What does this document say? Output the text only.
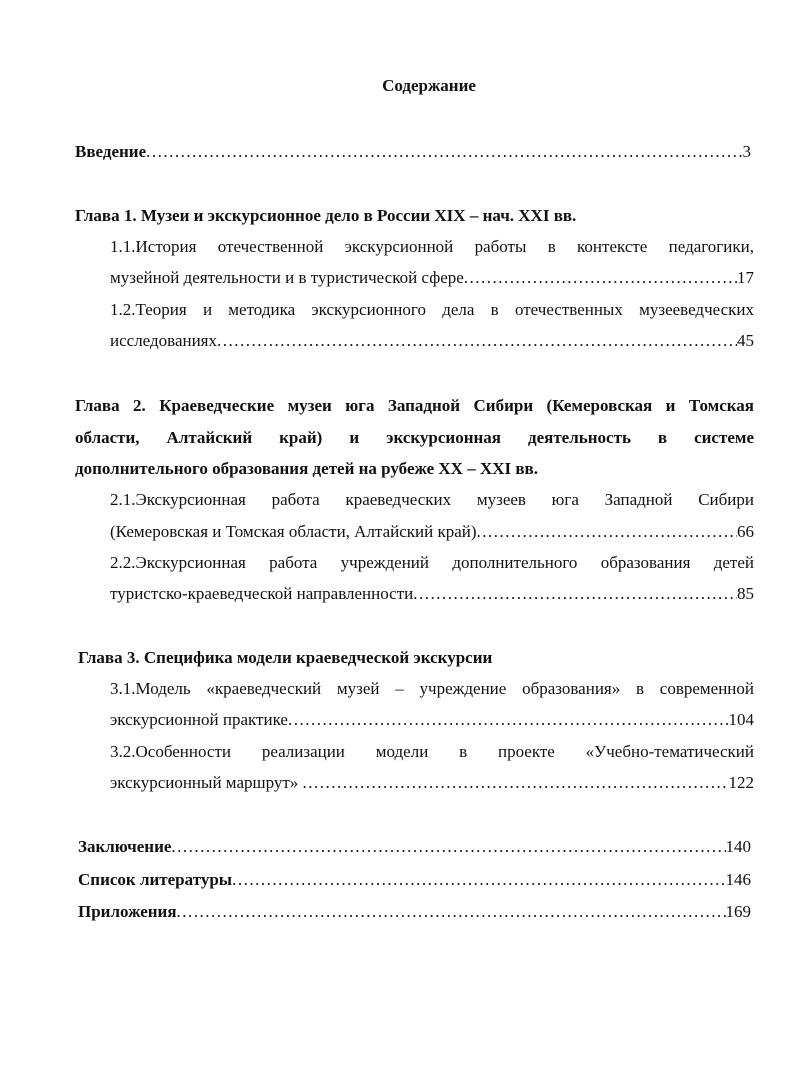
Содержание
Введение .....	3
Глава 1. Музеи и экскурсионное дело в России XIX – нач. XXI вв.
1.1.История отечественной экскурсионной работы в контексте педагогики,
музейной деятельности и в туристической сфере .....	17
1.2.Теория и методика экскурсионного дела в отечественных музееведческих
исследованиях .....	45
Глава 2. Краеведческие музеи юга Западной Сибири (Кемеровская и Томская
области, Алтайский край) и экскурсионная деятельность в системе
дополнительного образования детей на рубеже XX – XXI вв.
2.1.Экскурсионная работа краеведческих музеев юга Западной Сибири
(Кемеровская и Томская области, Алтайский край) .....	66
2.2.Экскурсионная работа учреждений дополнительного образования детей
туристско-краеведческой направленности .....	85
Глава 3. Специфика модели краеведческой экскурсии
3.1.Модель «краеведческий музей – учреждение образования» в современной
экскурсионной практике .....	104
3.2.Особенности реализации модели в проекте «Учебно-тематический
экскурсионный маршрут» .....	122
Заключение .....	140
Список литературы .....	146
Приложения .....	169
